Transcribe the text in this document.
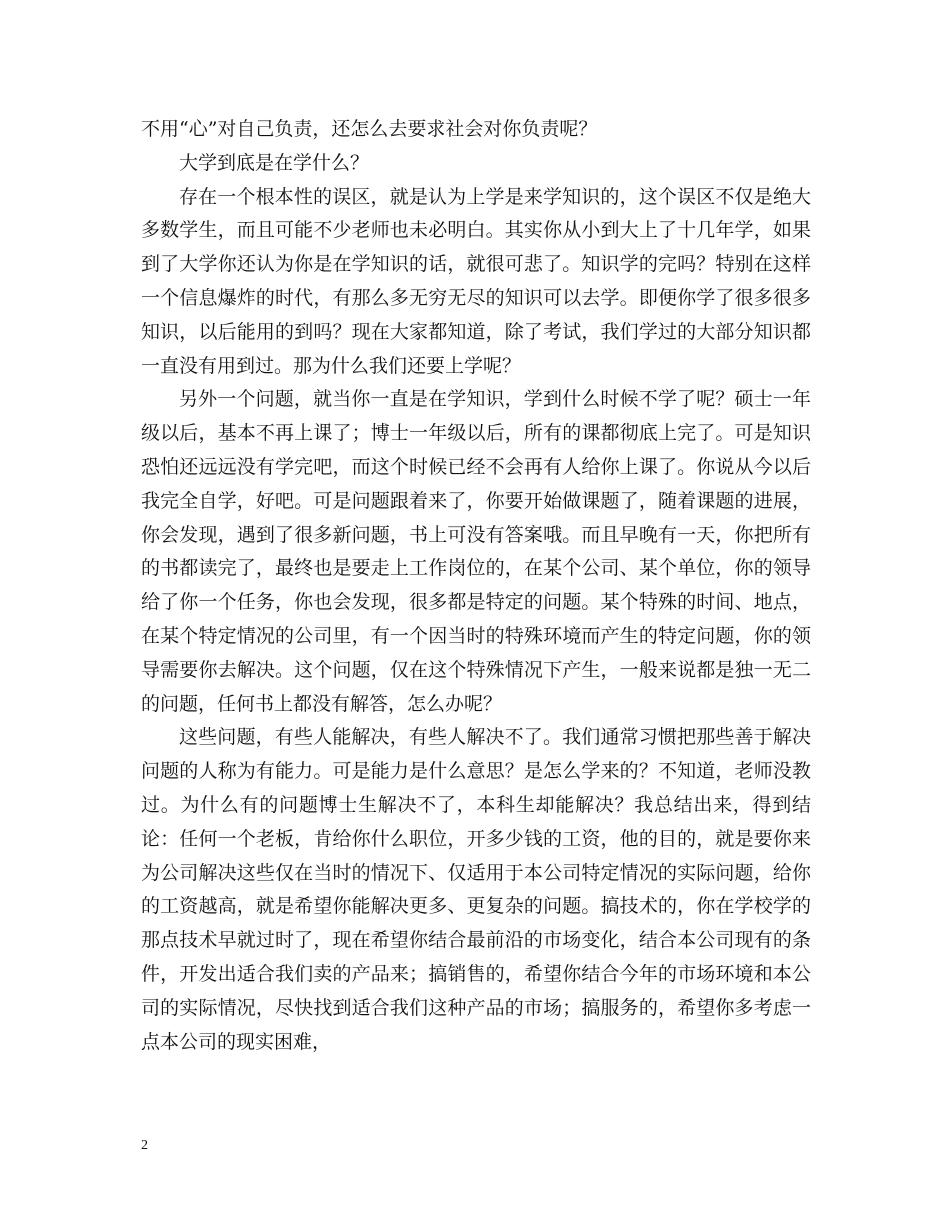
不用“心”对自己负责，还怎么去要求社会对你负责呢？

大学到底是在学什么？

存在一个根本性的误区，就是认为上学是来学知识的，这个误区不仅是绝大多数学生，而且可能不少老师也未必明白。其实你从小到大上了十几年学，如果到了大学你还认为你是在学知识的话，就很可悲了。知识学的完吗？特别在这样一个信息爆炸的时代，有那么多无穷无尽的知识可以去学。即便你学了很多很多知识，以后能用的到吗？现在大家都知道，除了考试，我们学过的大部分知识都一直没有用到过。那为什么我们还要上学呢？

另外一个问题，就当你一直是在学知识，学到什么时候不学了呢？硕士一年级以后，基本不再上课了；博士一年级以后，所有的课都彻底上完了。可是知识恐怕还远远没有学完吧，而这个时候已经不会再有人给你上课了。你说从今以后我完全自学，好吧。可是问题跟着来了，你要开始做课题了，随着课题的进展，你会发现，遇到了很多新问题，书上可没有答案哦。而且早晚有一天，你把所有的书都读完了，最终也是要走上工作岗位的，在某个公司、某个单位，你的领导给了你一个任务，你也会发现，很多都是特定的问题。某个特殊的时间、地点，在某个特定情况的公司里，有一个因当时的特殊环境而产生的特定问题，你的领导需要你去解决。这个问题，仅在这个特殊情况下产生，一般来说都是独一无二的问题，任何书上都没有解答，怎么办呢？

这些问题，有些人能解决，有些人解决不了。我们通常习惯把那些善于解决问题的人称为有能力。可是能力是什么意思？是怎么学来的？不知道，老师没教过。为什么有的问题博士生解决不了，本科生却能解决？我总结出来，得到结论：任何一个老板，肯给你什么职位，开多少钱的工资，他的目的，就是要你来为公司解决这些仅在当时的情况下、仅适用于本公司特定情况的实际问题，给你的工资越高，就是希望你能解决更多、更复杂的问题。搞技术的，你在学校学的那点技术早就过时了，现在希望你结合最前沿的市场变化，结合本公司现有的条件，开发出适合我们卖的产品来；搞销售的，希望你结合今年的市场环境和本公司的实际情况，尽快找到适合我们这种产品的市场；搞服务的，希望你多考虑一点本公司的现实困难，

2
